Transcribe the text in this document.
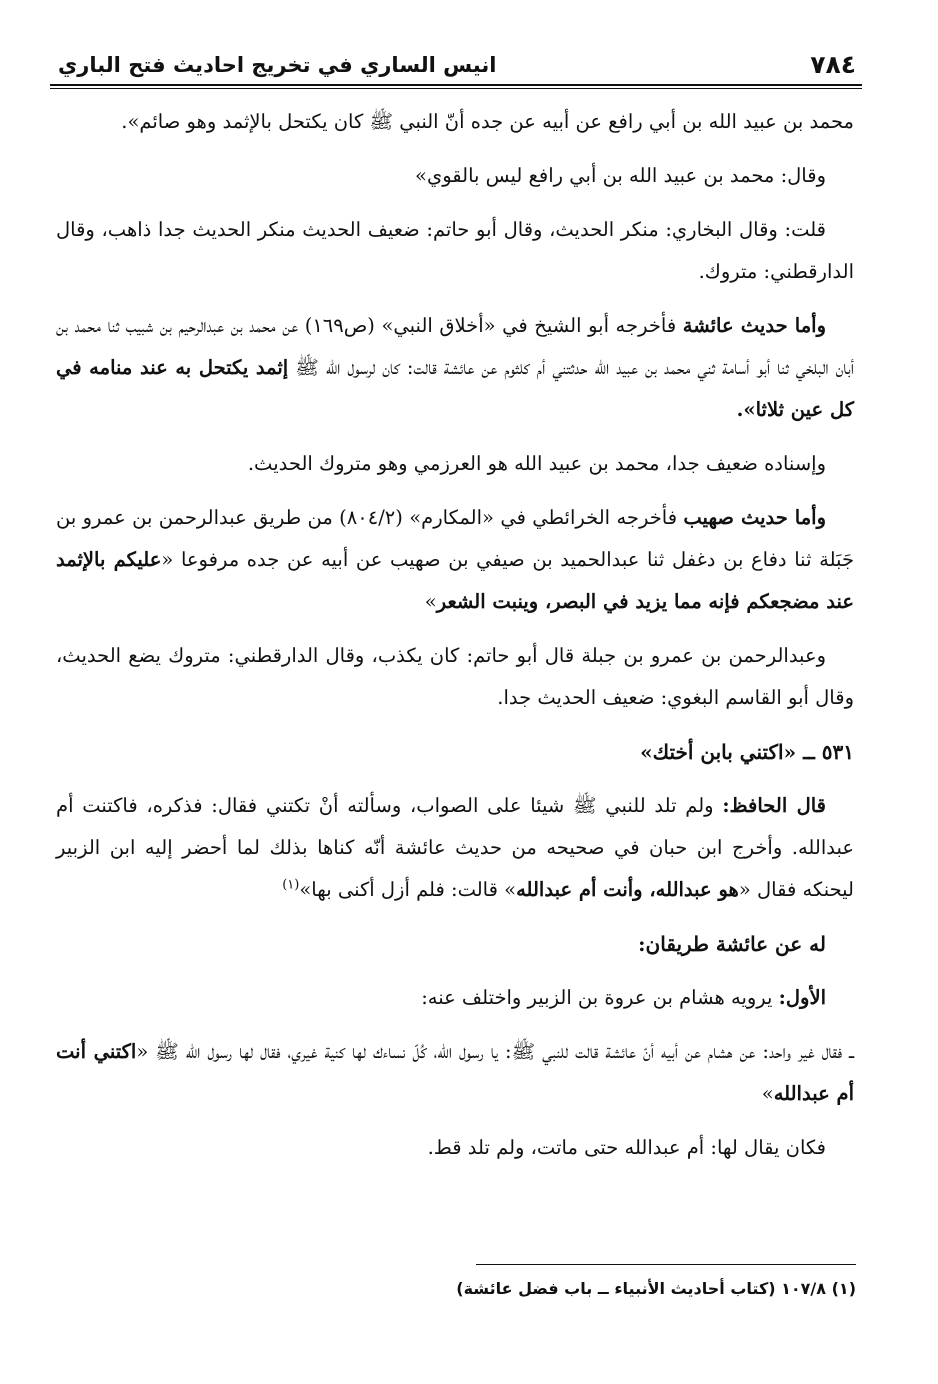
٧٨٤
انيس الساري في تخريج احاديث فتح الباري

محمد بن عبيد الله بن أبي رافع عن أبيه عن جده أنّ النبي ﷺ كان يكتحل بالإثمد وهو صائم».

وقال: محمد بن عبيد الله بن أبي رافع ليس بالقوي»

قلت: وقال البخاري: منكر الحديث، وقال أبو حاتم: ضعيف الحديث منكر الحديث جدا ذاهب، وقال الدارقطني: متروك.

وأما حديث عائشة فأخرجه أبو الشيخ في «أخلاق النبي» (ص١٦٩) عن محمد بن عبدالرحيم بن شبيب ثنا محمد بن أبان البلخي ثنا أبو أسامة ثني محمد بن عبيد الله حدثتني أم كلثوم عن عائشة قالت: كان لرسول الله ﷺ إثمد يكتحل به عند منامه في كل عين ثلاثا».

وإسناده ضعيف جدا، محمد بن عبيد الله هو العرزمي وهو متروك الحديث.

وأما حديث صهيب فأخرجه الخرائطي في «المكارم» (٨٠٤/٢) من طريق عبدالرحمن بن عمرو بن جَبَلة ثنا دفاع بن دغفل ثنا عبدالحميد بن صيفي بن صهيب عن أبيه عن جده مرفوعا «عليكم بالإثمد عند مضجعكم فإنه مما يزيد في البصر، وينبت الشعر»

وعبدالرحمن بن عمرو بن جبلة قال أبو حاتم: كان يكذب، وقال الدارقطني: متروك يضع الحديث، وقال أبو القاسم البغوي: ضعيف الحديث جدا.

٥٣١ ــ «اكتني بابن أختك»

قال الحافظ: ولم تلد للنبي ﷺ شيئا على الصواب، وسألته أنْ تكتني فقال: فذكره، فاكتنت أم عبدالله. وأخرج ابن حبان في صحيحه من حديث عائشة أنّه كناها بذلك لما أحضر إليه ابن الزبير ليحنكه فقال «هو عبدالله، وأنت أم عبدالله» قالت: فلم أزل أكنى بها»$^{(١)}$

له عن عائشة طريقان:

الأول: يرويه هشام بن عروة بن الزبير واختلف عنه:

ــ فقال غير واحد: عن هشام عن أبيه أنّ عائشة قالت للنبي ﷺ: يا رسول الله، كُلّ نساءك لها كنية غيري، فقال لها رسول الله ﷺ «اكتني أنت أم عبدالله»

فكان يقال لها: أم عبدالله حتى ماتت، ولم تلد قط.

(١) ١٠٧/٨ (كتاب أحاديث الأنبياء ــ باب فضل عائشة)
